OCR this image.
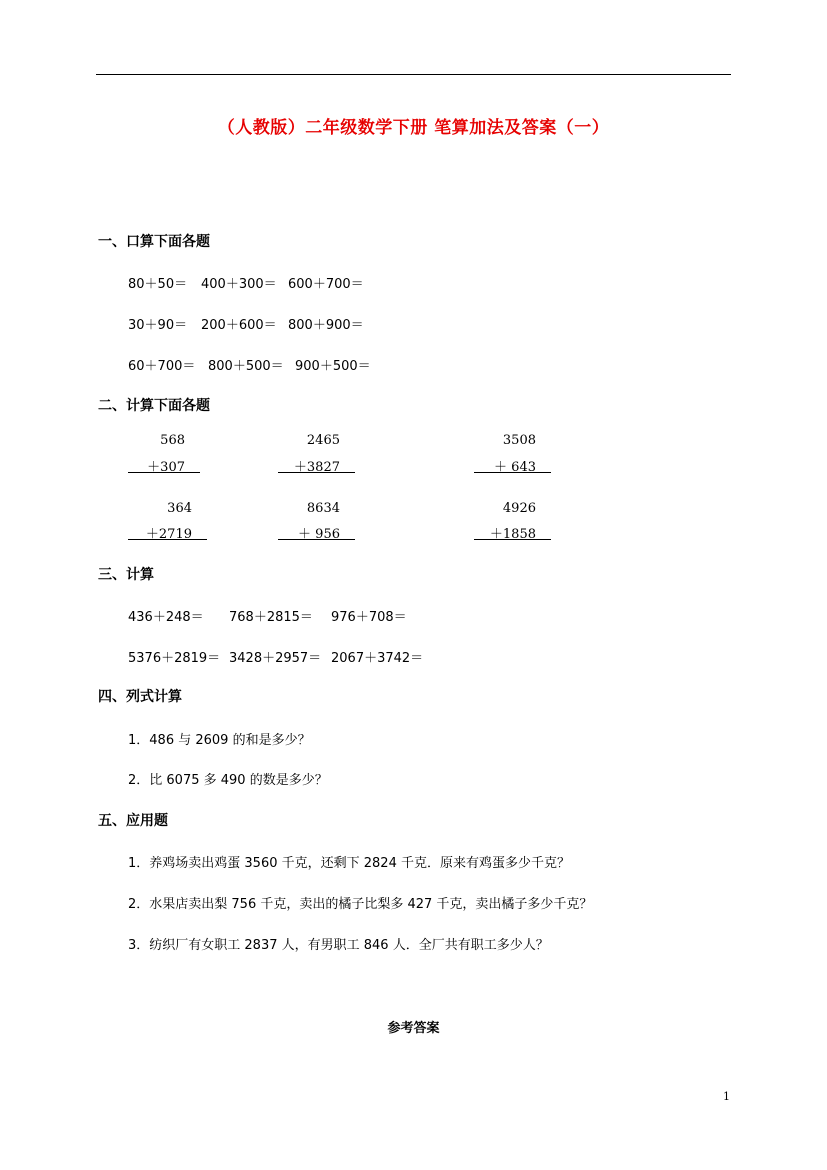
（人教版）二年级数学下册 笔算加法及答案（一）
一、口算下面各题
80＋50＝ 400＋300＝ 600＋700＝
30＋90＝ 200＋600＝ 800＋900＝
60＋700＝ 800＋500＝ 900＋500＝
二、计算下面各题
568
＋307
2465
＋3827
3508
＋ 643
364
＋2719
8634
＋ 956
4926
＋1858
三、计算
436＋248＝ 768＋2815＝ 976＋708＝
5376＋2819＝ 3428＋2957＝ 2067＋3742＝
四、列式计算
1．486 与 2609 的和是多少？
2．比 6075 多 490 的数是多少？
五、应用题
1．养鸡场卖出鸡蛋 3560 千克，还剩下 2824 千克．原来有鸡蛋多少千克？
2．水果店卖出梨 756 千克，卖出的橘子比梨多 427 千克，卖出橘子多少千克？
3．纺织厂有女职工 2837 人，有男职工 846 人．全厂共有职工多少人？
参考答案
1
